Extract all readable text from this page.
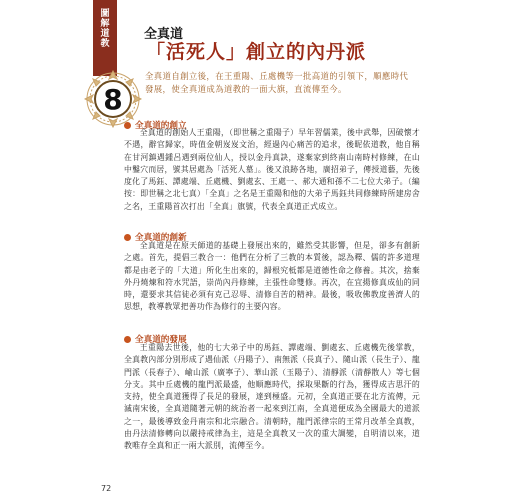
圖
解
道
教
8
全真道
「活死人」創立的內丹派
全真道自創立後，在王重陽、丘處機等一批高道的引領下，順應時代發展，使全真道成為道教的一面大旗，直流傳至今。
全真道的創立
全真道的創始人王重陽，（即世稱之重陽子）早年習儒業，後中武舉，因破懷才不遇，辭官歸家，時值金朝岌岌文治，經過內心痛苦的追求，後昵依道教，他自稱在甘河鎮遇鍾呂遇到兩位仙人，授以金丹真訣，遂棄家到終南山南時村修練，在山中鑿穴而居，號其居處為「活死人墓」。後又浪跡各地，廣招弟子，傳授道藝，先後度化了馬鈺、譚處端、丘處機、劉處玄、王處一、郝大通和孫不二七位大弟子。（編按：即世稱之北七真）「全真」之名是王重陽和他的大弟子馬鈺共同修練時所建房舍之名，王重陽首次打出「全真」旗號，代表全真道正式成立。
全真道的創新
全真道是在原天師道的基礎上發展出來的，雖然受其影響，但是，卻多有創新之處。首先，提倡三教合一：他們在分析了三教的本質後，認為釋、儒的許多道理都是由老子的「大道」所化生出來的，歸根究柢都是道德性命之修養。其次，捨棄外丹燒煉和符水咒語，崇尚內丹修練，主張性命雙修。再次，在宜揚修真成仙的同時，還要求其信徒必須有克己忍辱、清修自苦的精神。最後，吸收佛教度善濟人的思想，教導教眾把善功作為修行的主要內容。
全真道的發展
王重陽去世後，他的七大弟子中的馬鈺、譚處端、劉處玄、丘處機先後掌教，全真教內部分別形成了遇仙派（丹陽子）、南無派（長真子）、隨山派（長生子）、龍門派（長春子）、崳山派（廣寧子）、華山派（玉陽子）、清靜派（清靜散人）等七個分支。其中丘處機的龍門派最盛，他順應時代，採取果斷的行為，獲得成吉思汗的支持，使全真道獲得了長足的發展，達到極盛。元初，全真道正要在北方流傳，元滅南宋後，全真道隨著元朝的統治者一起來到江南，全真道便成為全國最大的道派之一，最後導致金丹南宗和北宗融合。清朝時，龍門派律宗的王常月改革全真教，由丹法清修轉向以嚴持戒律為主，這是全真教又一次的重大調變，自明清以來，道教唯存全真和正一兩大派別，流傳至今。
72
